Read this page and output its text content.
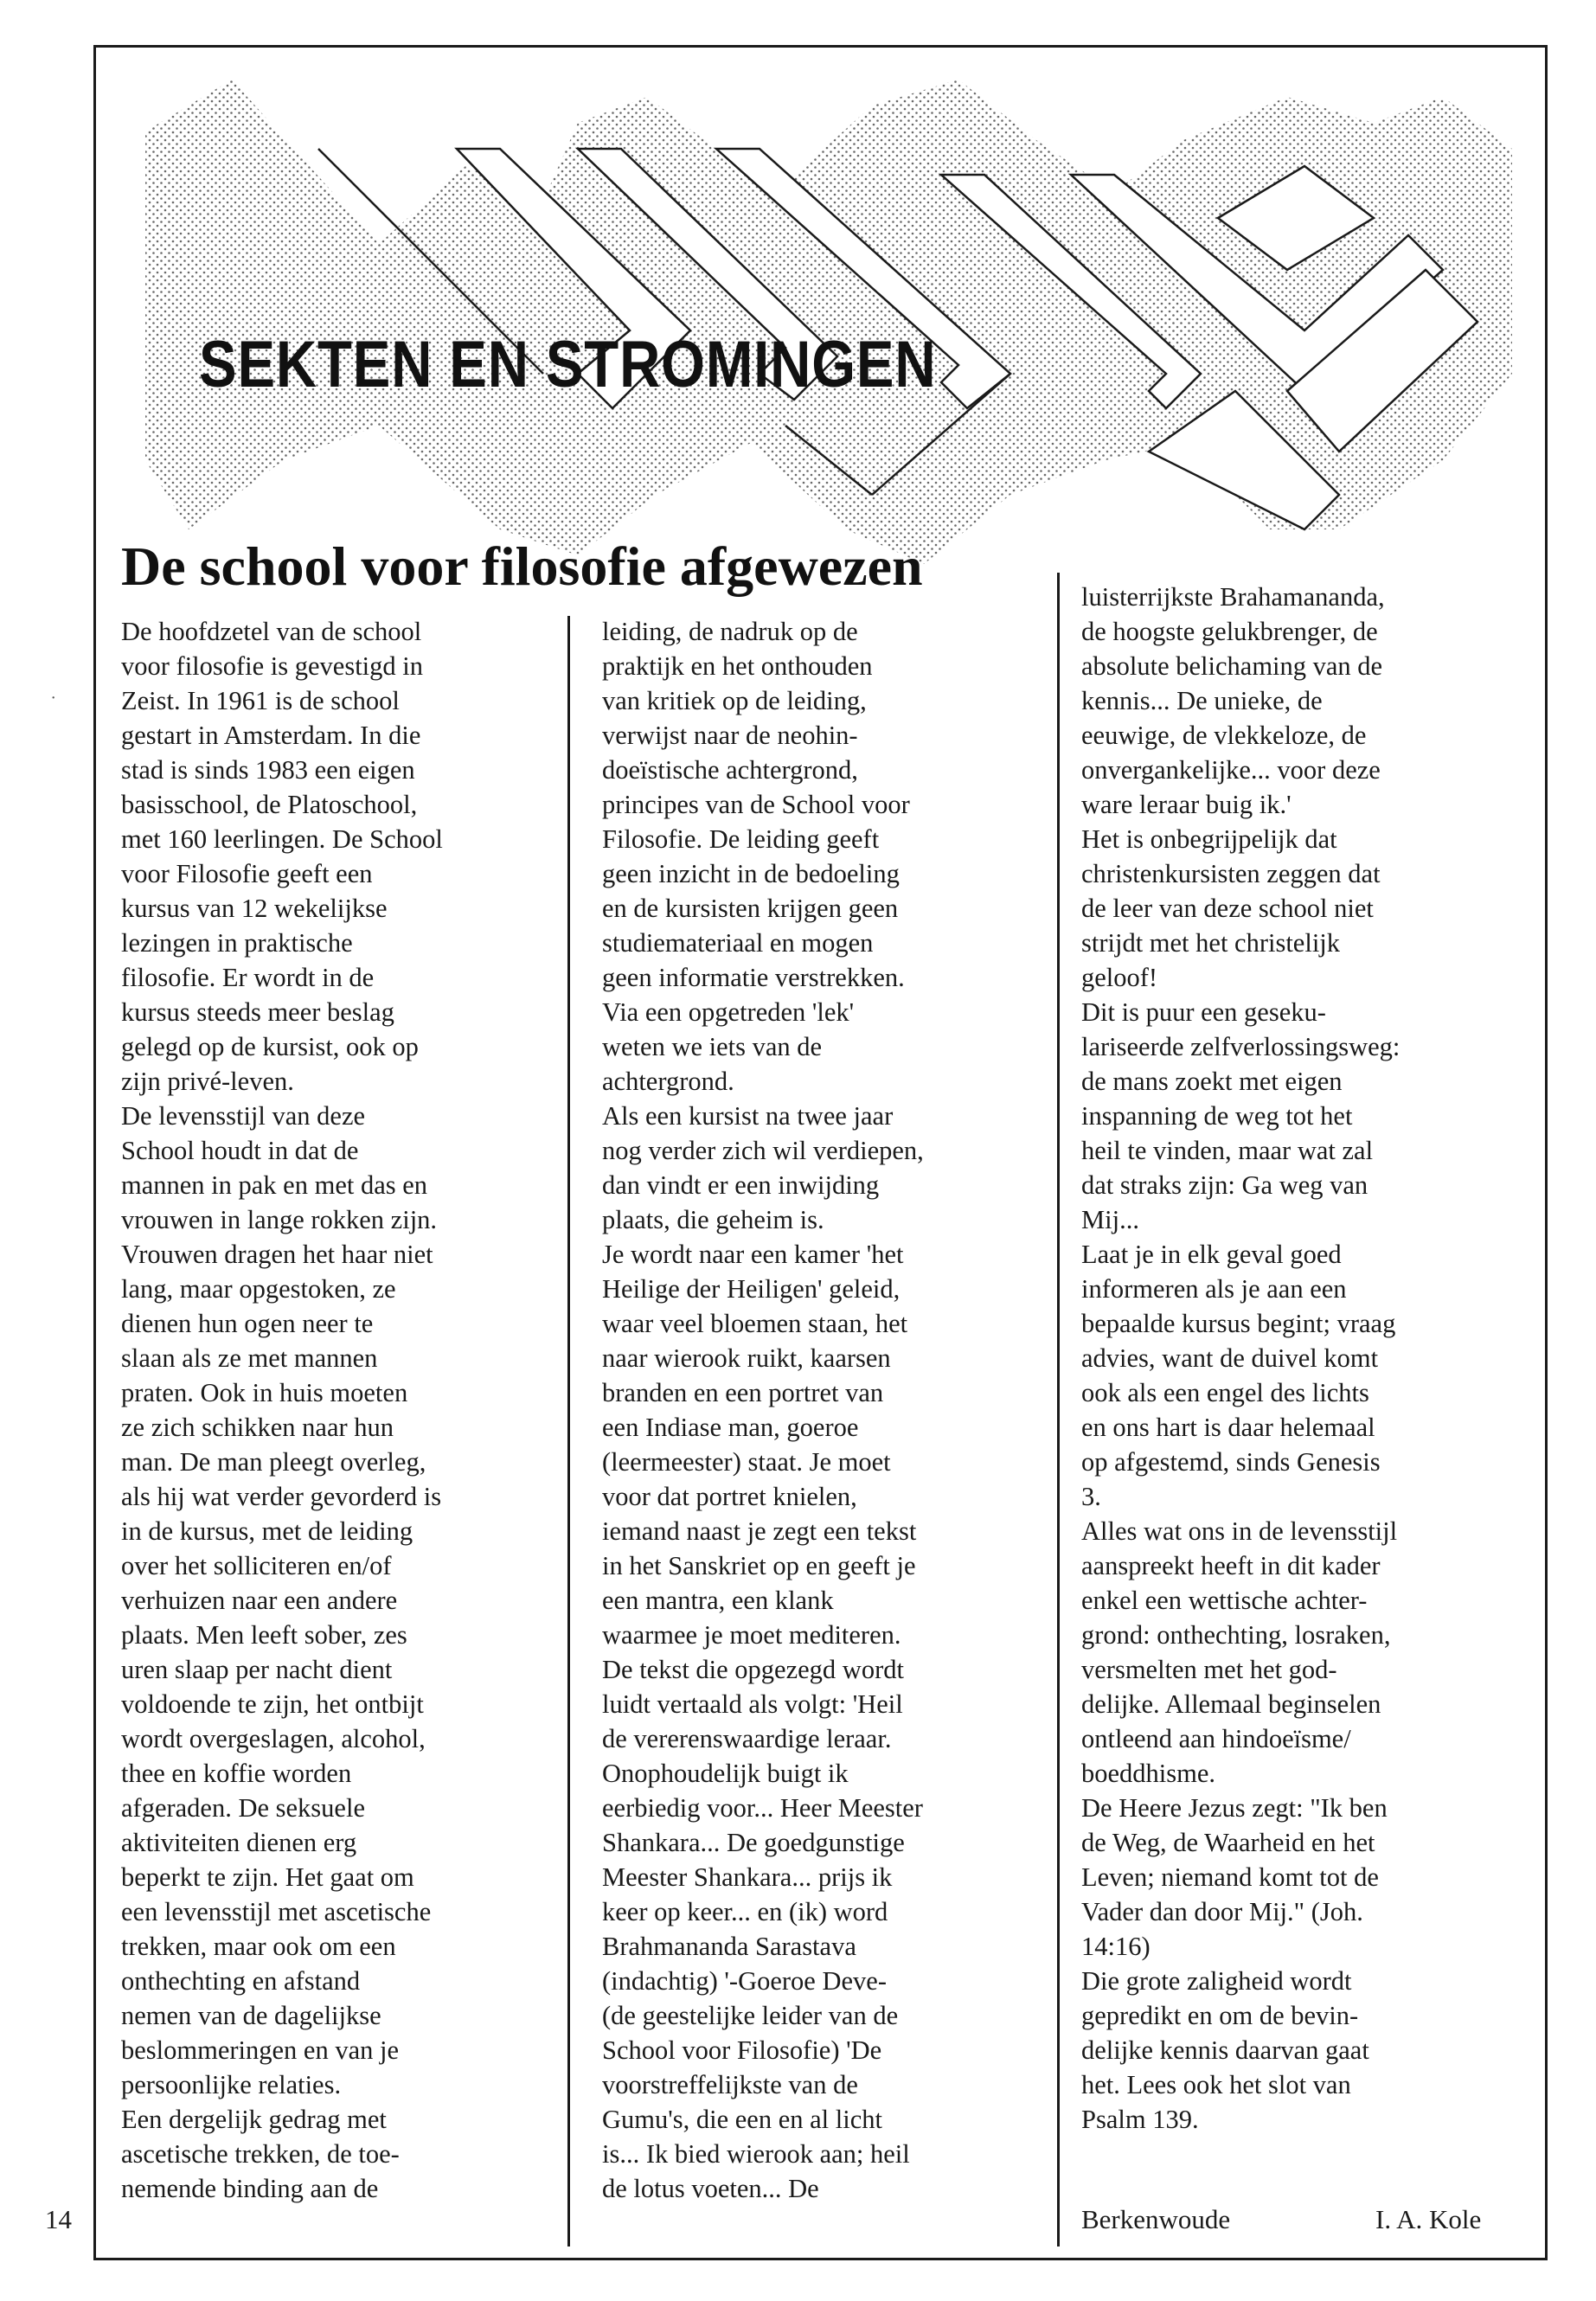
SEKTEN EN STROMINGEN
De school voor filosofie afgewezen
De hoofdzetel van de school
voor filosofie is gevestigd in
Zeist. In 1961 is de school
gestart in Amsterdam. In die
stad is sinds 1983 een eigen
basisschool, de Platoschool,
met 160 leerlingen. De School
voor Filosofie geeft een
kursus van 12 wekelijkse
lezingen in praktische
filosofie. Er wordt in de
kursus steeds meer beslag
gelegd op de kursist, ook op
zijn privé-leven.
De levensstijl van deze
School houdt in dat de
mannen in pak en met das en
vrouwen in lange rokken zijn.
Vrouwen dragen het haar niet
lang, maar opgestoken, ze
dienen hun ogen neer te
slaan als ze met mannen
praten. Ook in huis moeten
ze zich schikken naar hun
man. De man pleegt overleg,
als hij wat verder gevorderd is
in de kursus, met de leiding
over het solliciteren en/of
verhuizen naar een andere
plaats. Men leeft sober, zes
uren slaap per nacht dient
voldoende te zijn, het ontbijt
wordt overgeslagen, alcohol,
thee en koffie worden
afgeraden. De seksuele
aktiviteiten dienen erg
beperkt te zijn. Het gaat om
een levensstijl met ascetische
trekken, maar ook om een
onthechting en afstand
nemen van de dagelijkse
beslommeringen en van je
persoonlijke relaties.
Een dergelijk gedrag met
ascetische trekken, de toe-
nemende binding aan de
leiding, de nadruk op de
praktijk en het onthouden
van kritiek op de leiding,
verwijst naar de neohin-
doeïstische achtergrond,
principes van de School voor
Filosofie. De leiding geeft
geen inzicht in de bedoeling
en de kursisten krijgen geen
studiemateriaal en mogen
geen informatie verstrekken.
Via een opgetreden 'lek'
weten we iets van de
achtergrond.
Als een kursist na twee jaar
nog verder zich wil verdiepen,
dan vindt er een inwijding
plaats, die geheim is.
Je wordt naar een kamer 'het
Heilige der Heiligen' geleid,
waar veel bloemen staan, het
naar wierook ruikt, kaarsen
branden en een portret van
een Indiase man, goeroe
(leermeester) staat. Je moet
voor dat portret knielen,
iemand naast je zegt een tekst
in het Sanskriet op en geeft je
een mantra, een klank
waarmee je moet mediteren.
De tekst die opgezegd wordt
luidt vertaald als volgt: 'Heil
de vererenswaardige leraar.
Onophoudelijk buigt ik
eerbiedig voor... Heer Meester
Shankara... De goedgunstige
Meester Shankara... prijs ik
keer op keer... en (ik) word
Brahmananda Sarastava
(indachtig) '-Goeroe Deve-
(de geestelijke leider van de
School voor Filosofie) 'De
voorstreffelijkste van de
Gumu's, die een en al licht
is... Ik bied wierook aan; heil
de lotus voeten... De
luisterrijkste Brahamananda,
de hoogste gelukbrenger, de
absolute belichaming van de
kennis... De unieke, de
eeuwige, de vlekkeloze, de
onvergankelijke... voor deze
ware leraar buig ik.'
Het is onbegrijpelijk dat
christenkursisten zeggen dat
de leer van deze school niet
strijdt met het christelijk
geloof!
Dit is puur een geseku-
lariseerde zelfverlossingsweg:
de mans zoekt met eigen
inspanning de weg tot het
heil te vinden, maar wat zal
dat straks zijn: Ga weg van
Mij...
Laat je in elk geval goed
informeren als je aan een
bepaalde kursus begint; vraag
advies, want de duivel komt
ook als een engel des lichts
en ons hart is daar helemaal
op afgestemd, sinds Genesis
3.
Alles wat ons in de levensstijl
aanspreekt heeft in dit kader
enkel een wettische achter-
grond: onthechting, losraken,
versmelten met het god-
delijke. Allemaal beginselen
ontleend aan hindoeïsme/
boeddhisme.
De Heere Jezus zegt: "Ik ben
de Weg, de Waarheid en het
Leven; niemand komt tot de
Vader dan door Mij." (Joh.
14:16)
Die grote zaligheid wordt
gepredikt en om de bevin-
delijke kennis daarvan gaat
het. Lees ook het slot van
Psalm 139.
Berkenwoude	I. A. Kole
14
˙
